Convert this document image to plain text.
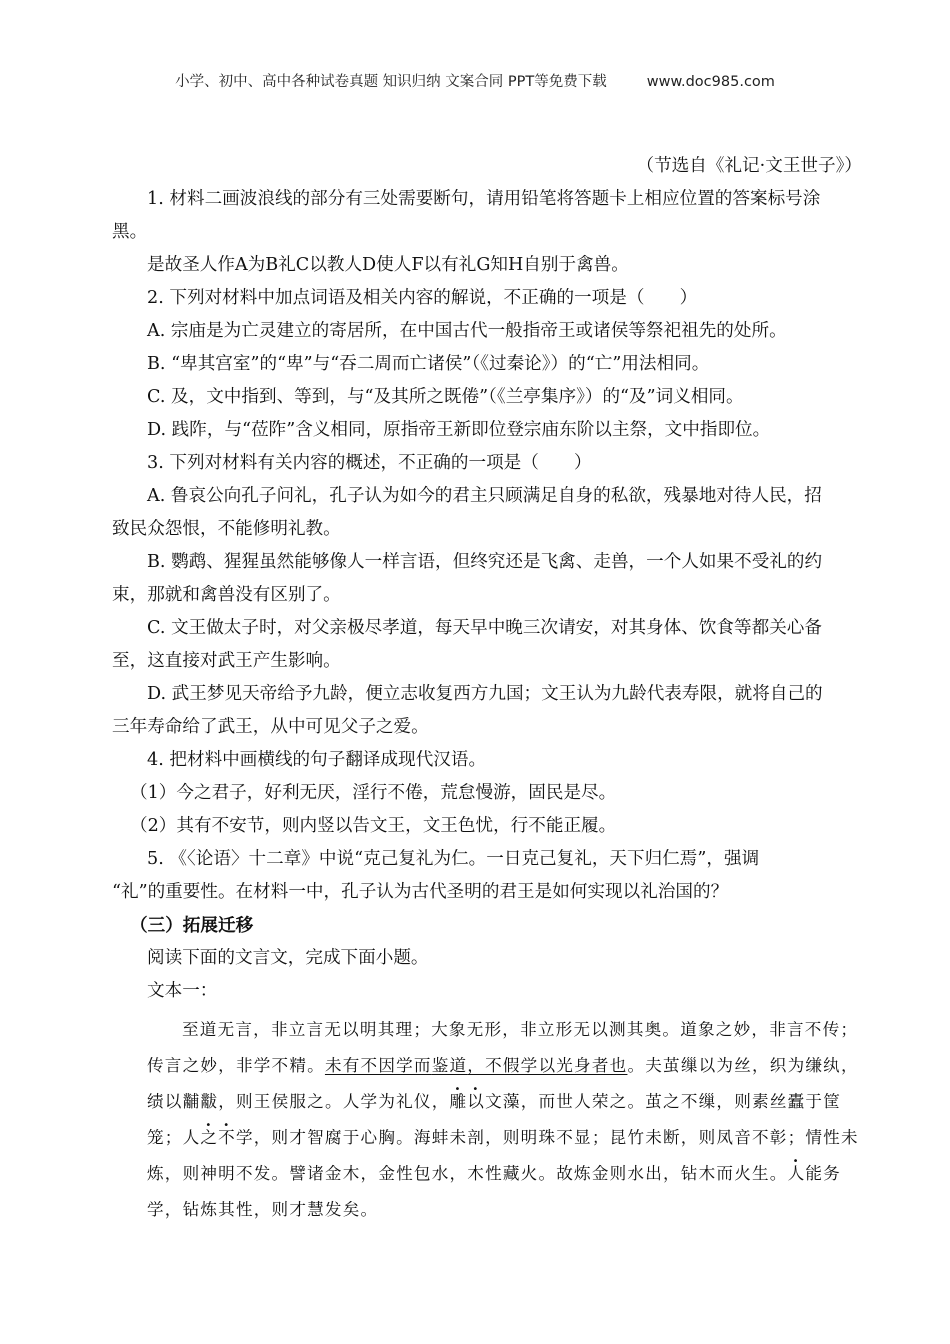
小学、初中、高中各种试卷真题 知识归纳 文案合同 PPT等免费下载	www.doc985.com
（节选自《礼记·文王世子》）
1. 材料二画波浪线的部分有三处需要断句，请用铅笔将答题卡上相应位置的答案标号涂
黑。
是故圣人作A为B礼C以教人D使人F以有礼G知H自别于禽兽。
2. 下列对材料中加点词语及相关内容的解说，不正确的一项是（　　）
A. 宗庙是为亡灵建立的寄居所，在中国古代一般指帝王或诸侯等祭祀祖先的处所。
B. “卑其宫室”的“卑”与“吞二周而亡诸侯”（《过秦论》）的“亡”用法相同。
C. 及，文中指到、等到，与“及其所之既倦”（《兰亭集序》）的“及”词义相同。
D. 践阼，与“莅阼”含义相同，原指帝王新即位登宗庙东阶以主祭，文中指即位。
3. 下列对材料有关内容的概述，不正确的一项是（　　）
A. 鲁哀公向孔子问礼，孔子认为如今的君主只顾满足自身的私欲，残暴地对待人民，招
致民众怨恨，不能修明礼教。
B. 鹦鹉、猩猩虽然能够像人一样言语，但终究还是飞禽、走兽，一个人如果不受礼的约
束，那就和禽兽没有区别了。
C. 文王做太子时，对父亲极尽孝道，每天早中晚三次请安，对其身体、饮食等都关心备
至，这直接对武王产生影响。
D. 武王梦见天帝给予九龄，便立志收复西方九国；文王认为九龄代表寿限，就将自己的
三年寿命给了武王，从中可见父子之爱。
4. 把材料中画横线的句子翻译成现代汉语。
（1）今之君子，好利无厌，淫行不倦，荒怠慢游，固民是尽。
（2）其有不安节，则内竖以告文王，文王色忧，行不能正履。
5. 《〈论语〉十二章》中说“克己复礼为仁。一日克己复礼，天下归仁焉”，强调
“礼”的重要性。在材料一中，孔子认为古代圣明的君王是如何实现以礼治国的？
（三）拓展迁移
阅读下面的文言文，完成下面小题。
文本一：
至道无言，非立言无以明其理；大象无形，非立形无以测其奥。道象之妙，非言不传；
传言之妙，非学不精。未有不因学而鉴道，不假学以光身者也。夫茧缫以为丝，织为缣纨，
绩以黼黻，则王侯服之。人学为礼仪，雕以文藻，而世人荣之。茧之不缫，则素丝蠹于筐
笼；人之不学，则才智腐于心胸。海蚌未剖，则明珠不显；昆竹未断，则凤音不彰；情性未
炼，则神明不发。譬诸金木，金性包水，木性藏火。故炼金则水出，钻木而火生。人能务
学，钻炼其性，则才慧发矣。
